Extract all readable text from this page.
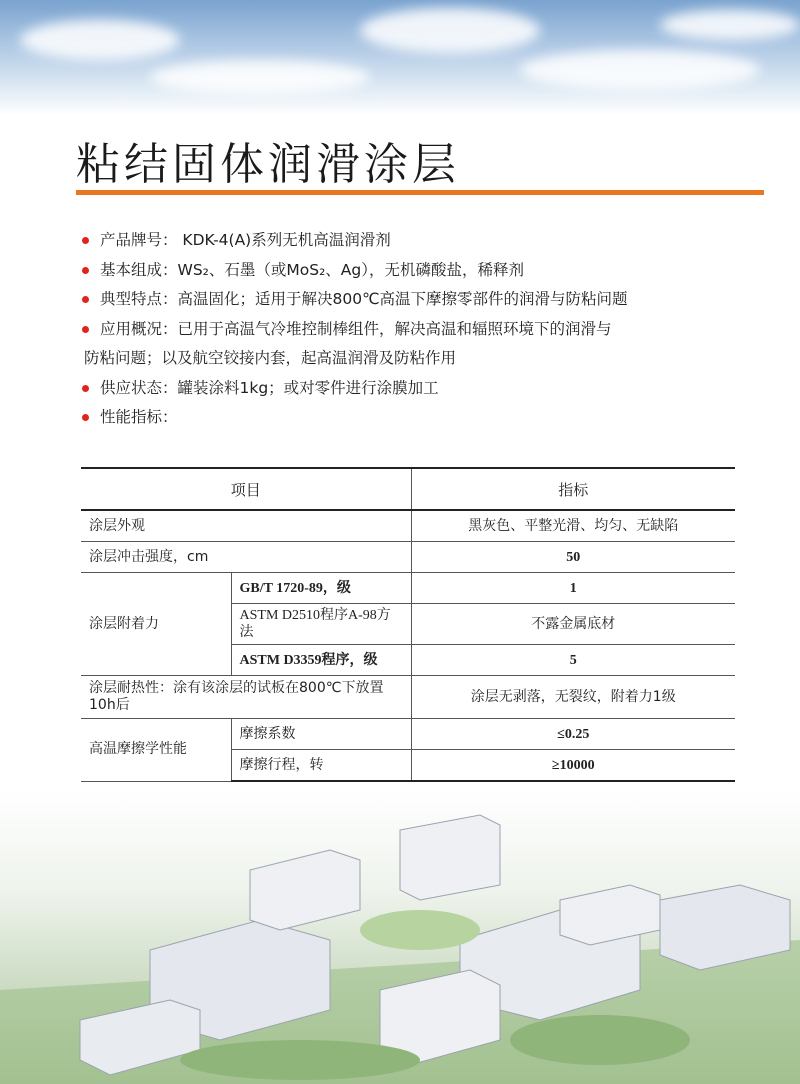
粘结固体润滑涂层
产品牌号： KDK-4(A)系列无机高温润滑剂
基本组成：WS₂、石墨（或MoS₂、Ag），无机磷酸盐，稀释剂
典型特点：高温固化；适用于解决800℃高温下摩擦零部件的润滑与防粘问题
应用概况：已用于高温气冷堆控制棒组件，解决高温和辐照环境下的润滑与
防粘问题；以及航空铰接内套，起高温润滑及防粘作用
供应状态：罐装涂料1kg；或对零件进行涂膜加工
性能指标：
项目		指标
涂层外观		黑灰色、平整光滑、均匀、无缺陷
涂层冲击强度，cm		50
涂层附着力	GB/T 1720-89，级	1
	ASTM D2510程序A-98方法	不露金属底材
	ASTM D3359程序，级	5
涂层耐热性：涂有该涂层的试板在800℃下放置10h后		涂层无剥落，无裂纹，附着力1级
高温摩擦学性能	摩擦系数	≤0.25
	摩擦行程，转	≥10000
